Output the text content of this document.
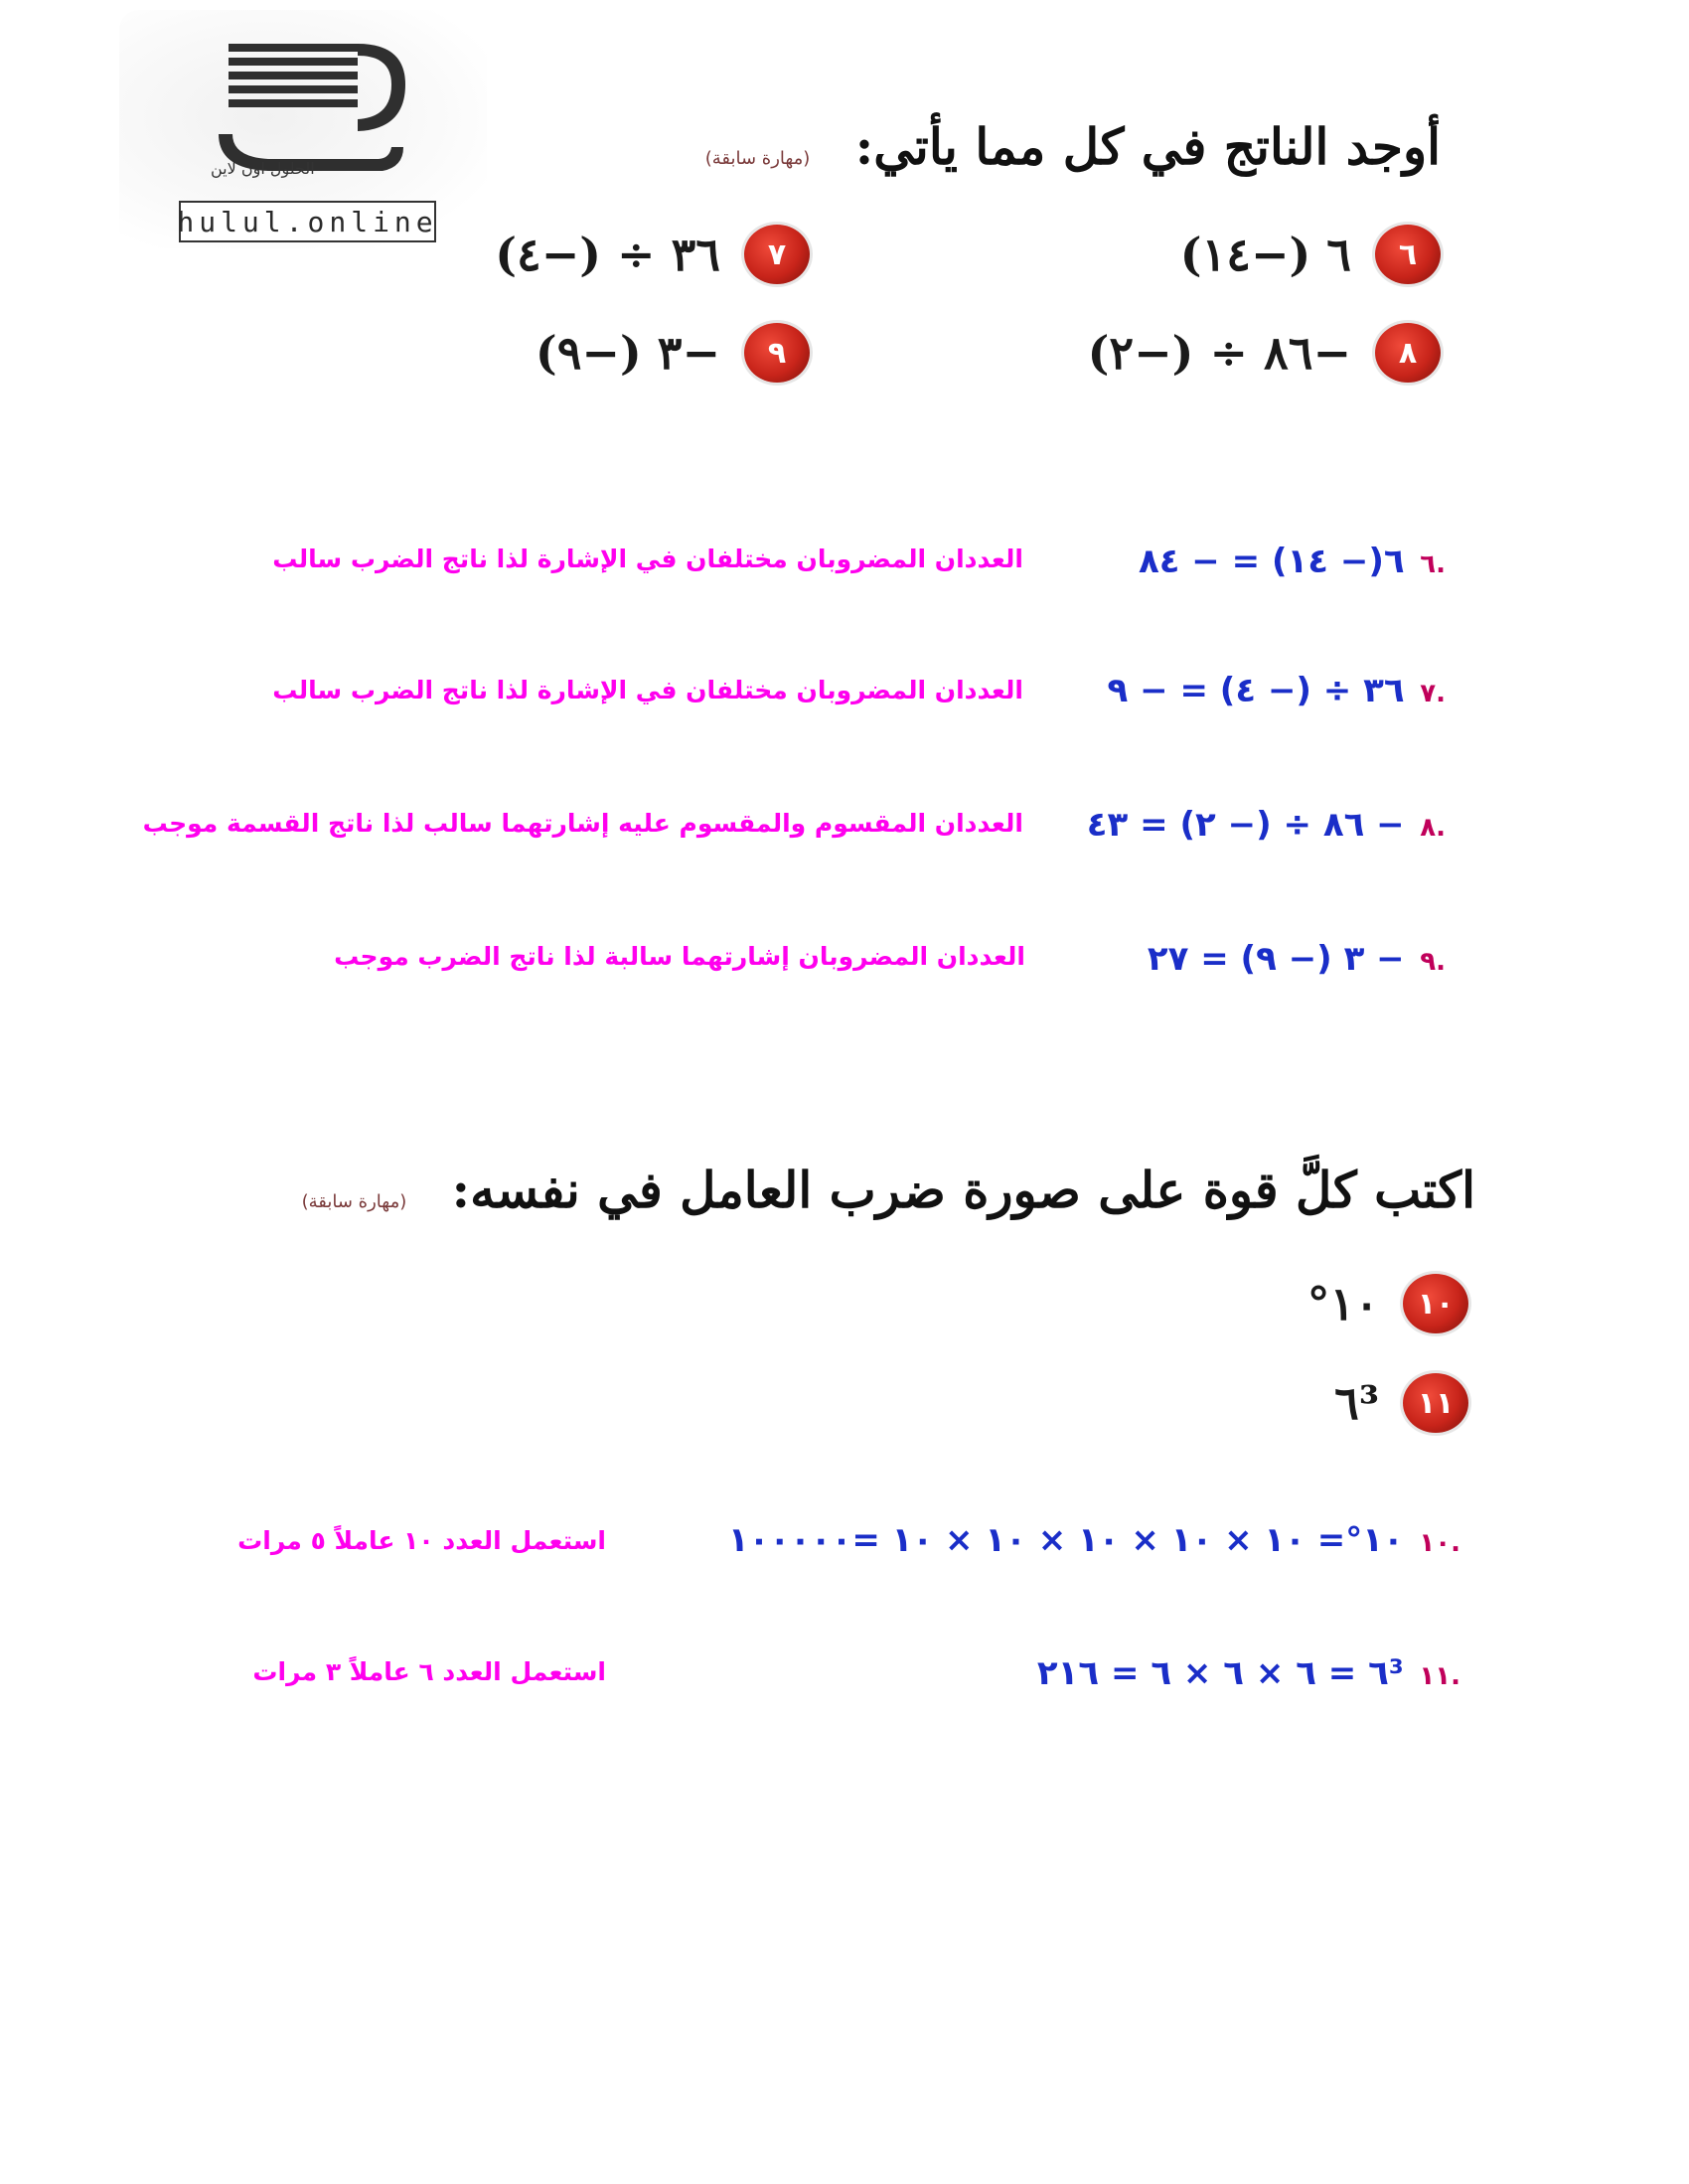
الحلول اون لاين
hulul.online
أوجد الناتج في كل مما يأتي: (مهارة سابقة)
٦
٦ (−١٤)
٧
٣٦ ÷ (−٤)
٨
−٨٦ ÷ (−٢)
٩
−٣ (−٩)
.٦ ٦(− ١٤) = − ٨٤
العددان المضروبان مختلفان في الإشارة لذا ناتج الضرب سالب
.٧ ٣٦ ÷ (− ٤) = − ٩
العددان المضروبان مختلفان في الإشارة لذا ناتج الضرب سالب
.٨ − ٨٦ ÷ (− ٢) = ٤٣
العددان المقسوم والمقسوم عليه إشارتهما سالب لذا ناتج القسمة موجب
.٩ − ٣ (− ٩) = ٢٧
العددان المضروبان إشارتهما سالبة لذا ناتج الضرب موجب
اكتب كلَّ قوة على صورة ضرب العامل في نفسه: (مهارة سابقة)
١٠
١٠°
١١
٦³
.١٠ ١٠°= ١٠ × ١٠ × ١٠ × ١٠ × ١٠ =١٠٠٠٠٠
استعمل العدد ١٠ عاملاً ٥ مرات
.١١ ٦³ = ٦ × ٦ × ٦ = ٢١٦
استعمل العدد ٦ عاملاً ٣ مرات
